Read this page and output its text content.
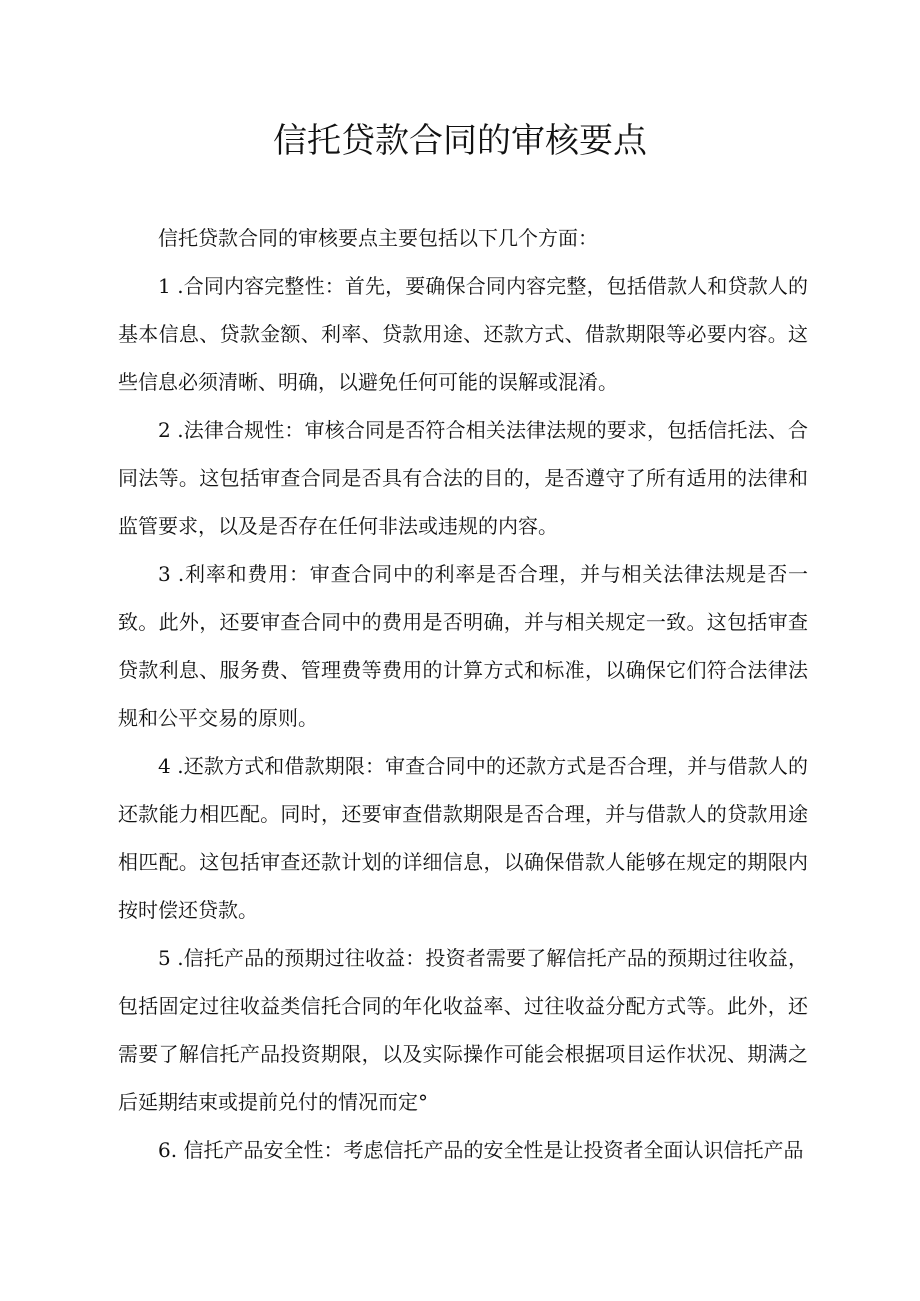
信托贷款合同的审核要点

信托贷款合同的审核要点主要包括以下几个方面：

1 .合同内容完整性：首先，要确保合同内容完整，包括借款人和贷款人的基本信息、贷款金额、利率、贷款用途、还款方式、借款期限等必要内容。这些信息必须清晰、明确，以避免任何可能的误解或混淆。

2 .法律合规性：审核合同是否符合相关法律法规的要求，包括信托法、合同法等。这包括审查合同是否具有合法的目的，是否遵守了所有适用的法律和监管要求，以及是否存在任何非法或违规的内容。

3 .利率和费用：审查合同中的利率是否合理，并与相关法律法规是否一致。此外，还要审查合同中的费用是否明确，并与相关规定一致。这包括审查贷款利息、服务费、管理费等费用的计算方式和标准，以确保它们符合法律法规和公平交易的原则。

4 .还款方式和借款期限：审查合同中的还款方式是否合理，并与借款人的还款能力相匹配。同时，还要审查借款期限是否合理，并与借款人的贷款用途相匹配。这包括审查还款计划的详细信息，以确保借款人能够在规定的期限内按时偿还贷款。

5 .信托产品的预期过往收益：投资者需要了解信托产品的预期过往收益，包括固定过往收益类信托合同的年化收益率、过往收益分配方式等。此外，还需要了解信托产品投资期限，以及实际操作可能会根据项目运作状况、期满之后延期结束或提前兑付的情况而定°

6. 信托产品安全性：考虑信托产品的安全性是让投资者全面认识信托产品
